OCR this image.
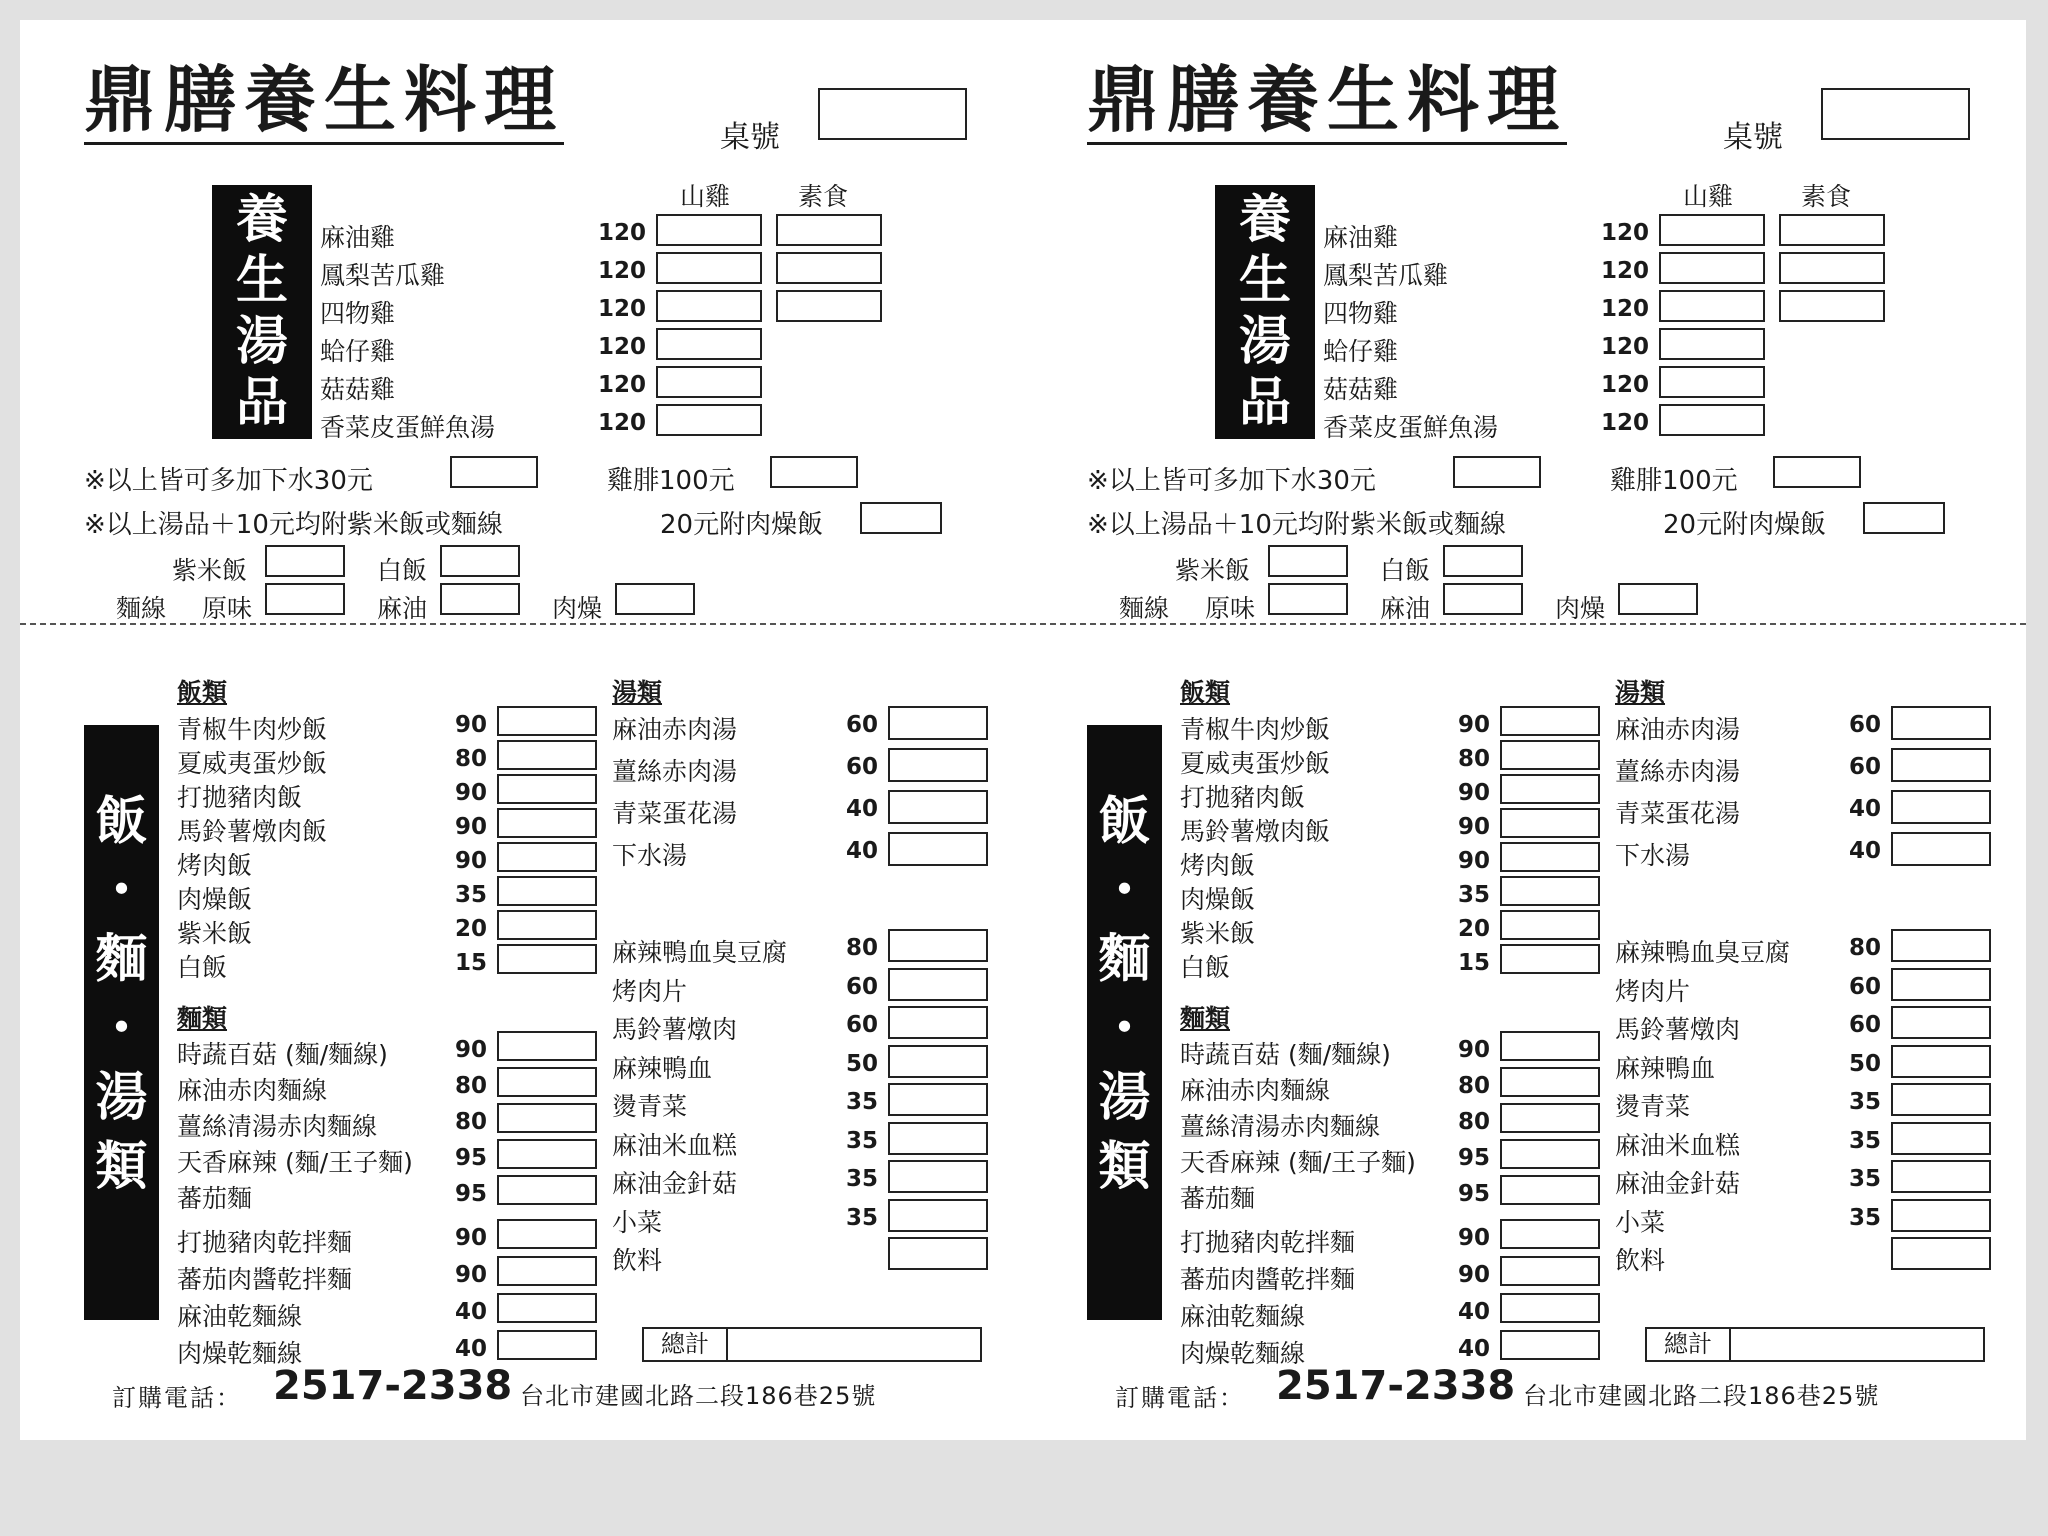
鼎膳養生料理	桌號
山雞	素食
養
生
湯
品
麻油雞	120
鳳梨苦瓜雞	120
四物雞	120
蛤仔雞	120
菇菇雞	120
香菜皮蛋鮮魚湯	120
※以上皆可多加下水30元	雞腓100元
※以上湯品＋10元均附紫米飯或麵線	20元附肉燥飯
紫米飯	白飯
麵線 原味	麻油	肉燥
飯
・
麵
・
湯
類
飯類
青椒牛肉炒飯	90
夏威夷蛋炒飯	80
打拋豬肉飯	90
馬鈴薯燉肉飯	90
烤肉飯	90
肉燥飯	35
紫米飯	20
白飯	15
麵類
時蔬百菇 (麵/麵線)	90
麻油赤肉麵線	80
薑絲清湯赤肉麵線	80
天香麻辣 (麵/王子麵) 95
蕃茄麵	95
打拋豬肉乾拌麵	90
蕃茄肉醬乾拌麵	90
麻油乾麵線	40
肉燥乾麵線	40
湯類
麻油赤肉湯	60
薑絲赤肉湯	60
青菜蛋花湯	40
下水湯	40
麻辣鴨血臭豆腐	80
烤肉片	60
馬鈴薯燉肉	60
麻辣鴨血	50
燙青菜	35
麻油米血糕	35
麻油金針菇	35
小菜	35
飲料
總計
訂購電話： 2517-2338 台北市建國北路二段186巷25號
鼎膳養生料理	桌號
山雞	素食
養
生
湯
品
麻油雞	120
鳳梨苦瓜雞	120
四物雞	120
蛤仔雞	120
菇菇雞	120
香菜皮蛋鮮魚湯	120
※以上皆可多加下水30元	雞腓100元
※以上湯品＋10元均附紫米飯或麵線	20元附肉燥飯
紫米飯	白飯
麵線 原味	麻油	肉燥
飯
・
麵
・
湯
類
飯類
青椒牛肉炒飯	90
夏威夷蛋炒飯	80
打拋豬肉飯	90
馬鈴薯燉肉飯	90
烤肉飯	90
肉燥飯	35
紫米飯	20
白飯	15
麵類
時蔬百菇 (麵/麵線)	90
麻油赤肉麵線	80
薑絲清湯赤肉麵線	80
天香麻辣 (麵/王子麵) 95
蕃茄麵	95
打拋豬肉乾拌麵	90
蕃茄肉醬乾拌麵	90
麻油乾麵線	40
肉燥乾麵線	40
湯類
麻油赤肉湯	60
薑絲赤肉湯	60
青菜蛋花湯	40
下水湯	40
麻辣鴨血臭豆腐	80
烤肉片	60
馬鈴薯燉肉	60
麻辣鴨血	50
燙青菜	35
麻油米血糕	35
麻油金針菇	35
小菜	35
飲料
總計
訂購電話： 2517-2338 台北市建國北路二段186巷25號
